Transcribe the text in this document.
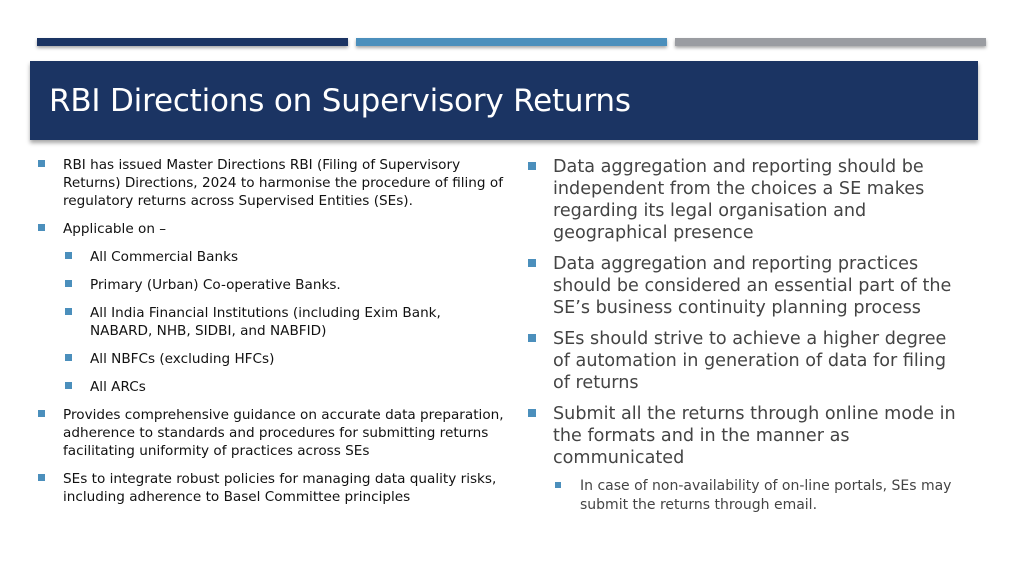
RBI Directions on Supervisory Returns
RBI has issued Master Directions RBI (Filing of Supervisory Returns) Directions, 2024 to harmonise the procedure of filing of regulatory returns across Supervised Entities (SEs).
Applicable on –
All Commercial Banks
Primary (Urban) Co-operative Banks.
All India Financial Institutions (including Exim Bank, NABARD, NHB, SIDBI, and NABFID)
All NBFCs (excluding HFCs)
All ARCs
Provides comprehensive guidance on accurate data preparation, adherence to standards and procedures for submitting returns facilitating uniformity of practices across SEs
SEs to integrate robust policies for managing data quality risks, including adherence to Basel Committee principles
Data aggregation and reporting should be independent from the choices a SE makes regarding its legal organisation and geographical presence
Data aggregation and reporting practices should be considered an essential part of the SE’s business continuity planning process
SEs should strive to achieve a higher degree of automation in generation of data for filing of returns
Submit all the returns through online mode in the formats and in the manner as communicated
In case of non-availability of on-line portals, SEs may submit the returns through email.
